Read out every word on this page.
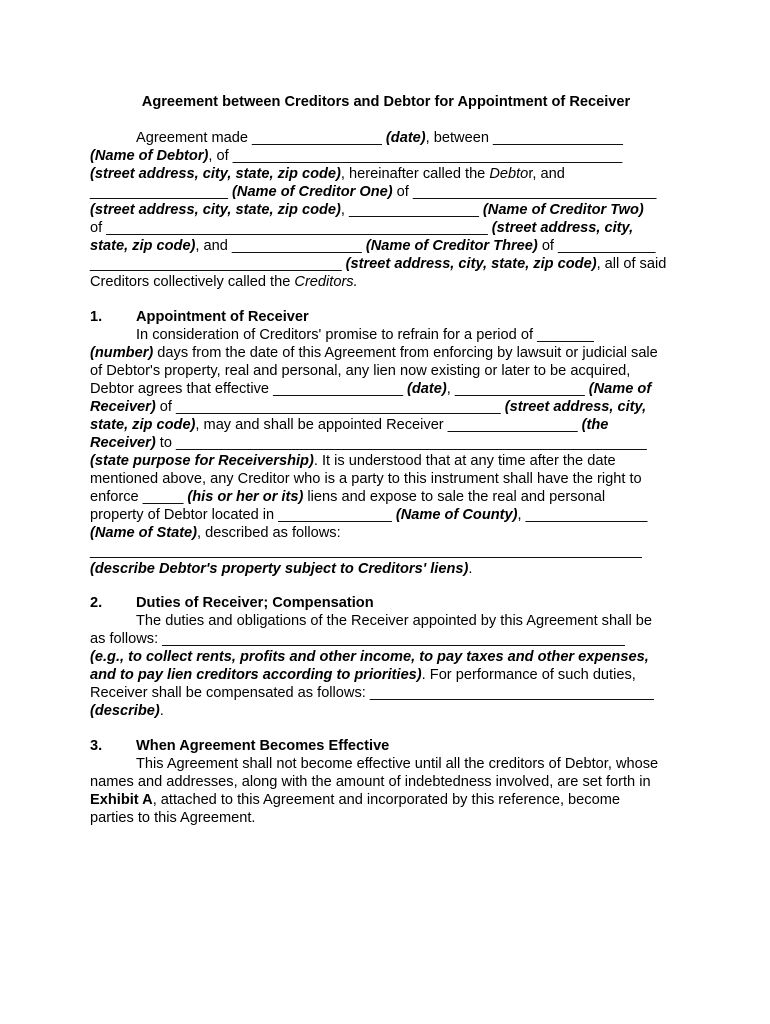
Agreement between Creditors and Debtor for Appointment of Receiver
Agreement made ________________ (date), between ________________
(Name of Debtor), of ________________________________________________
(street address, city, state, zip code), hereinafter called the Debtor, and
_________________ (Name of Creditor One) of ______________________________
(street address, city, state, zip code), ________________ (Name of Creditor Two)
of _______________________________________________ (street address, city,
state, zip code), and ________________ (Name of Creditor Three) of ____________
_______________________________ (street address, city, state, zip code), all of said
Creditors collectively called the Creditors.
1. Appointment of Receiver
In consideration of Creditors' promise to refrain for a period of _______
(number) days from the date of this Agreement from enforcing by lawsuit or judicial sale
of Debtor's property, real and personal, any lien now existing or later to be acquired,
Debtor agrees that effective ________________ (date), ________________ (Name of
Receiver) of ________________________________________ (street address, city,
state, zip code), may and shall be appointed Receiver ________________ (the
Receiver) to __________________________________________________________
(state purpose for Receivership). It is understood that at any time after the date
mentioned above, any Creditor who is a party to this instrument shall have the right to
enforce _____ (his or her or its) liens and expose to sale the real and personal
property of Debtor located in ______________ (Name of County), _______________
(Name of State), described as follows:
____________________________________________________________________
(describe Debtor's property subject to Creditors' liens).
2. Duties of Receiver; Compensation
The duties and obligations of the Receiver appointed by this Agreement shall be
as follows: _________________________________________________________
(e.g., to collect rents, profits and other income, to pay taxes and other expenses,
and to pay lien creditors according to priorities). For performance of such duties,
Receiver shall be compensated as follows: ___________________________________
(describe).
3. When Agreement Becomes Effective
This Agreement shall not become effective until all the creditors of Debtor, whose
names and addresses, along with the amount of indebtedness involved, are set forth in
Exhibit A, attached to this Agreement and incorporated by this reference, become
parties to this Agreement.
